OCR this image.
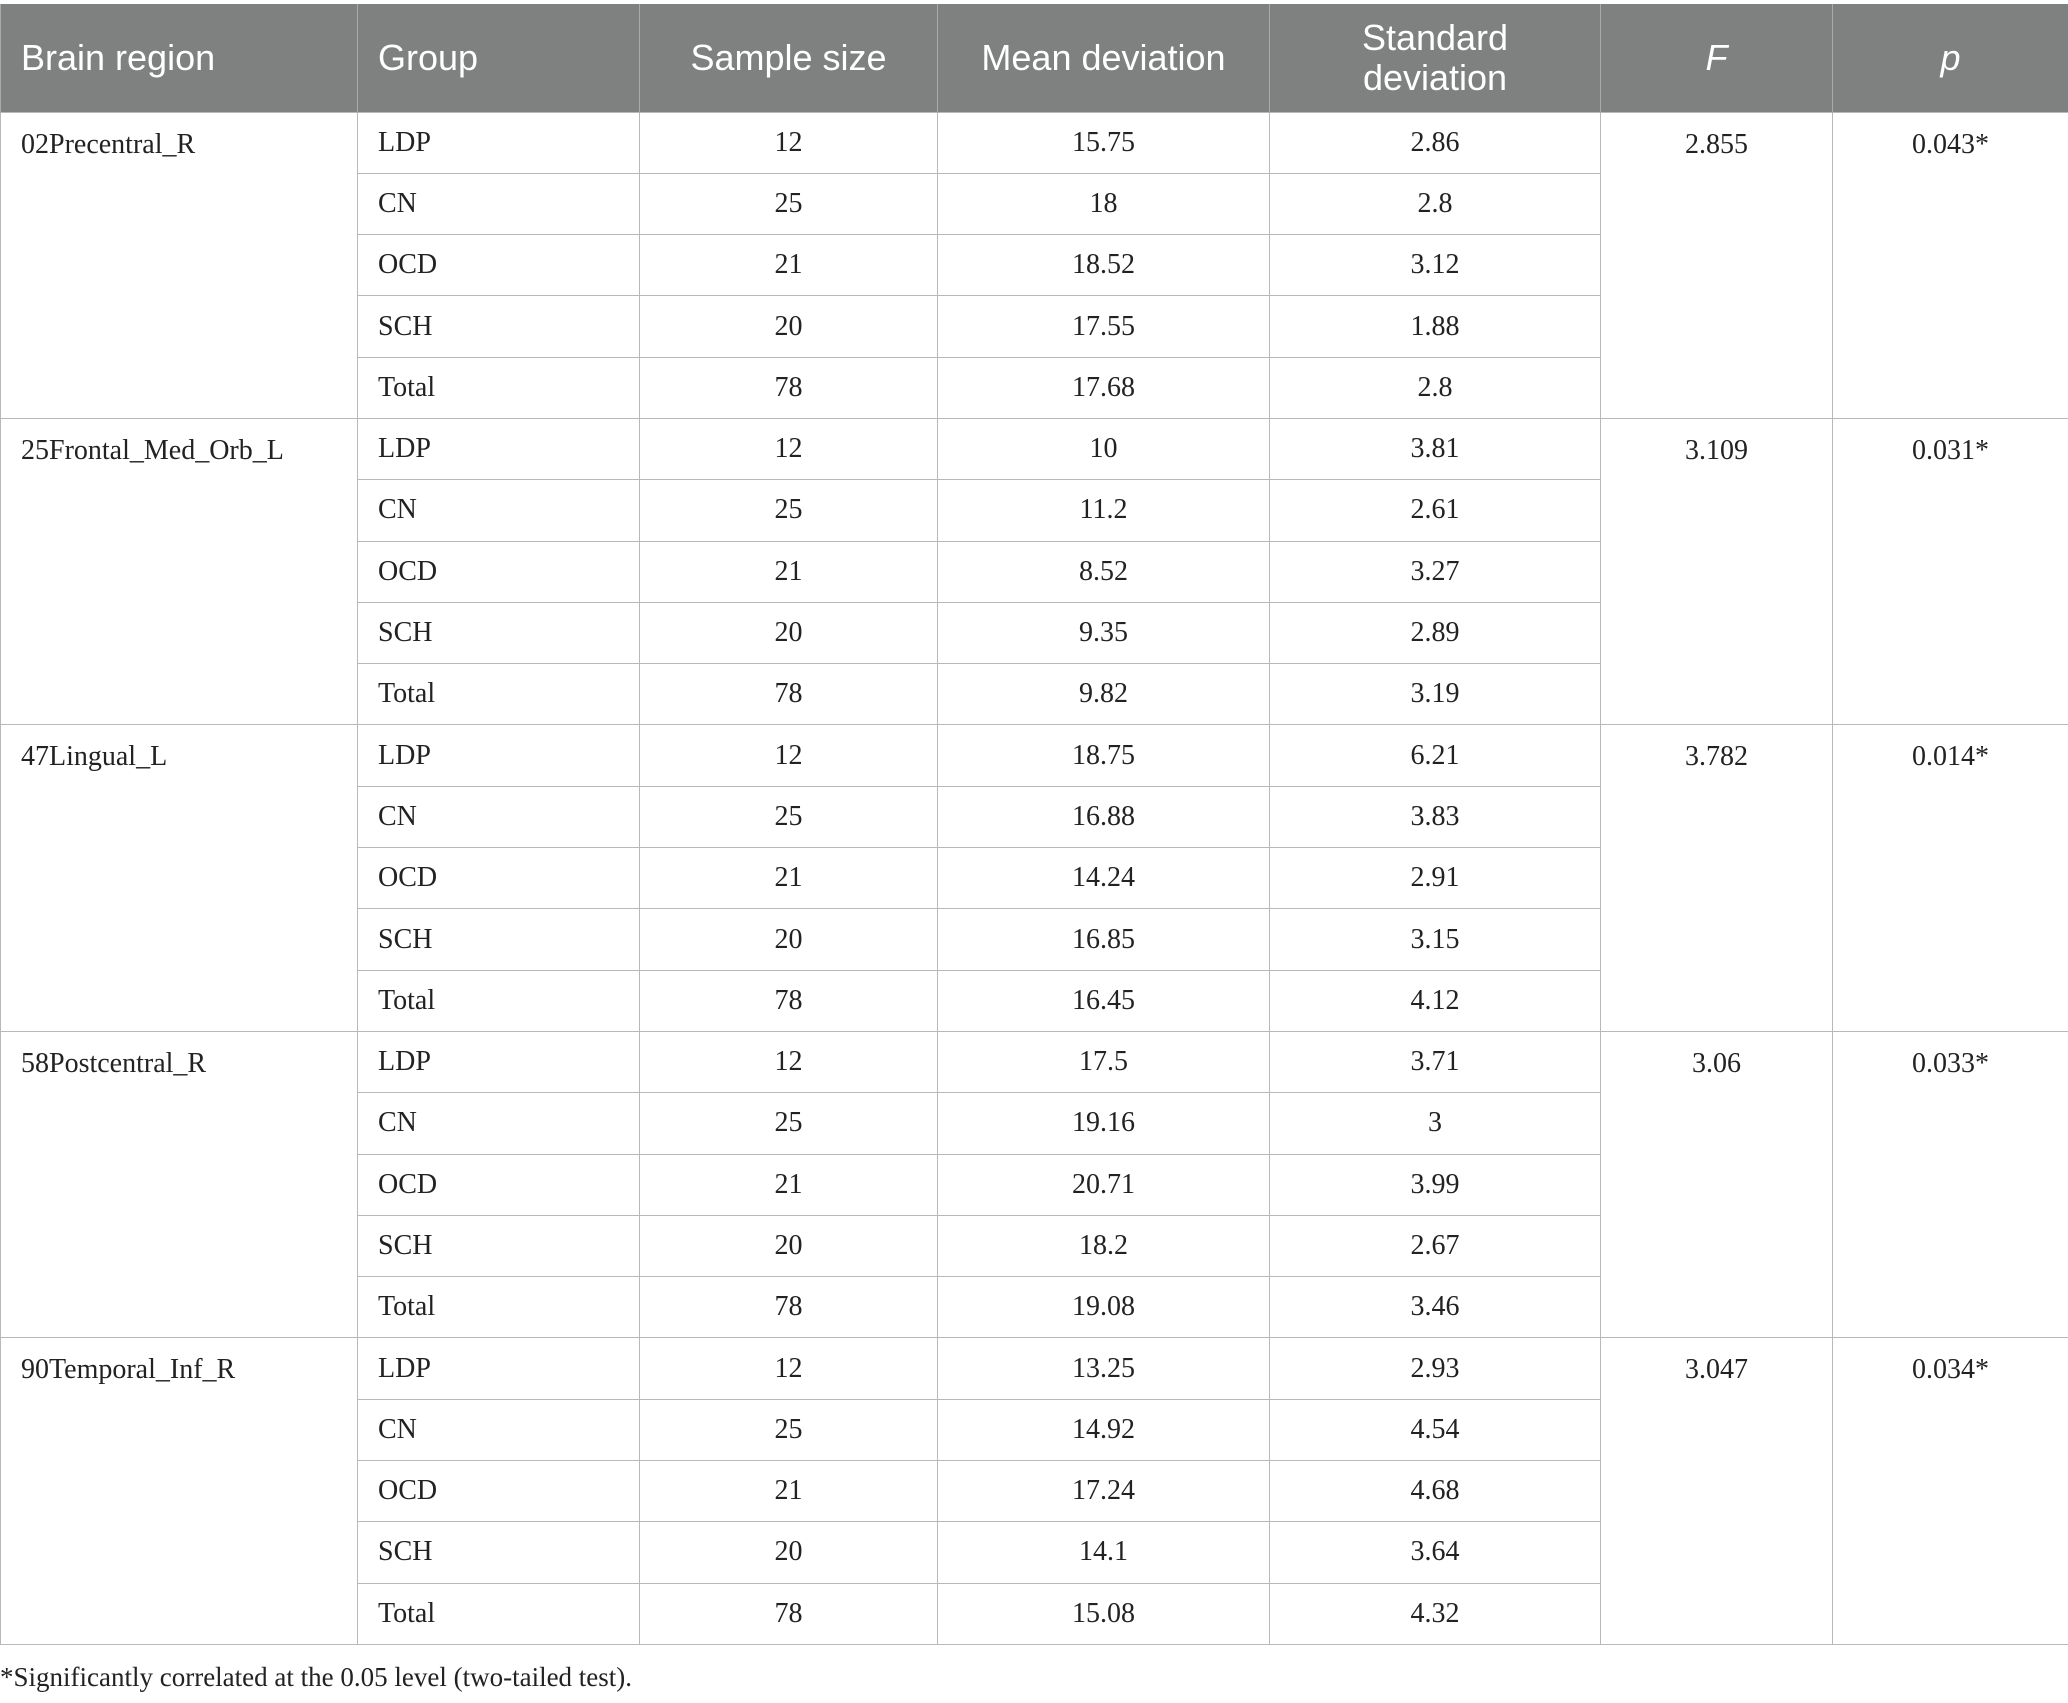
Brain region	Group	Sample size	Mean deviation	Standard deviation	F	p
02Precentral_R	LDP	12	15.75	2.86	2.855	0.043*
	CN	25	18	2.8		
	OCD	21	18.52	3.12		
	SCH	20	17.55	1.88		
	Total	78	17.68	2.8		
25Frontal_Med_Orb_L	LDP	12	10	3.81	3.109	0.031*
	CN	25	11.2	2.61		
	OCD	21	8.52	3.27		
	SCH	20	9.35	2.89		
	Total	78	9.82	3.19		
47Lingual_L	LDP	12	18.75	6.21	3.782	0.014*
	CN	25	16.88	3.83		
	OCD	21	14.24	2.91		
	SCH	20	16.85	3.15		
	Total	78	16.45	4.12		
58Postcentral_R	LDP	12	17.5	3.71	3.06	0.033*
	CN	25	19.16	3		
	OCD	21	20.71	3.99		
	SCH	20	18.2	2.67		
	Total	78	19.08	3.46		
90Temporal_Inf_R	LDP	12	13.25	2.93	3.047	0.034*
	CN	25	14.92	4.54		
	OCD	21	17.24	4.68		
	SCH	20	14.1	3.64		
	Total	78	15.08	4.32		
*Significantly correlated at the 0.05 level (two-tailed test).
